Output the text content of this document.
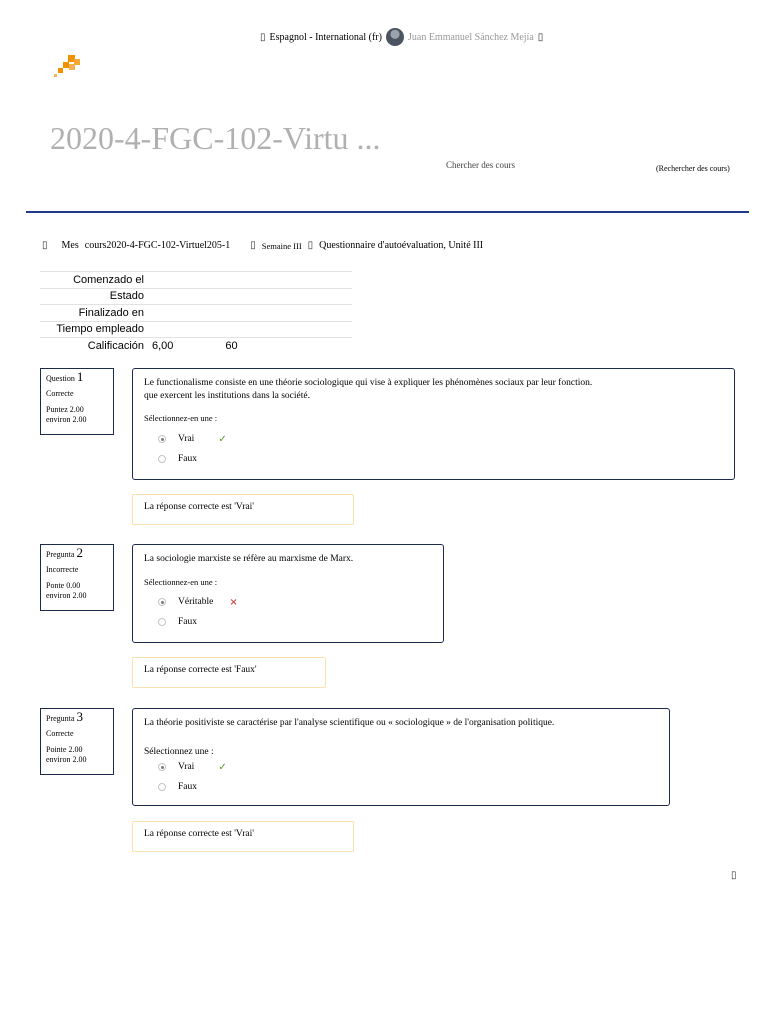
▯ Espagnol - International (fr)	Juan Emmanuel Sánchez Mejía ▯
2020-4-FGC-102-Virtu ...
Chercher des cours	(Rechercher des cours)
▯ Mes cours2020-4-FGC-102-Virtuel205-1 ▯ Semaine III ▯ Questionnaire d'autoévaluation, Unité III
Comenzado el	
Estado	
Finalizado en	
Tiempo empleado	
Calificación	6,00 60
Question 1
Correcte
Puntez 2.00
environ 2.00
Le functionalisme consiste en une théorie sociologique qui vise à expliquer les phénomènes sociaux par leur fonction.
que exercent les institutions dans la société.
Sélectionnez-en une :
Vrai ✓
Faux
La réponse correcte est 'Vrai'
Pregunta 2
Incorrecte
Ponte 0.00
environ 2.00
La sociologie marxiste se réfère au marxisme de Marx.
Sélectionnez-en une :
Véritable ×
Faux
La réponse correcte est 'Faux'
Pregunta 3
Correcte
Pointe 2.00
environ 2.00
La théorie positiviste se caractérise par l'analyse scientifique ou « sociologique » de l'organisation politique.
Sélectionnez une :
Vrai ✓
Faux
La réponse correcte est 'Vrai'
▯
